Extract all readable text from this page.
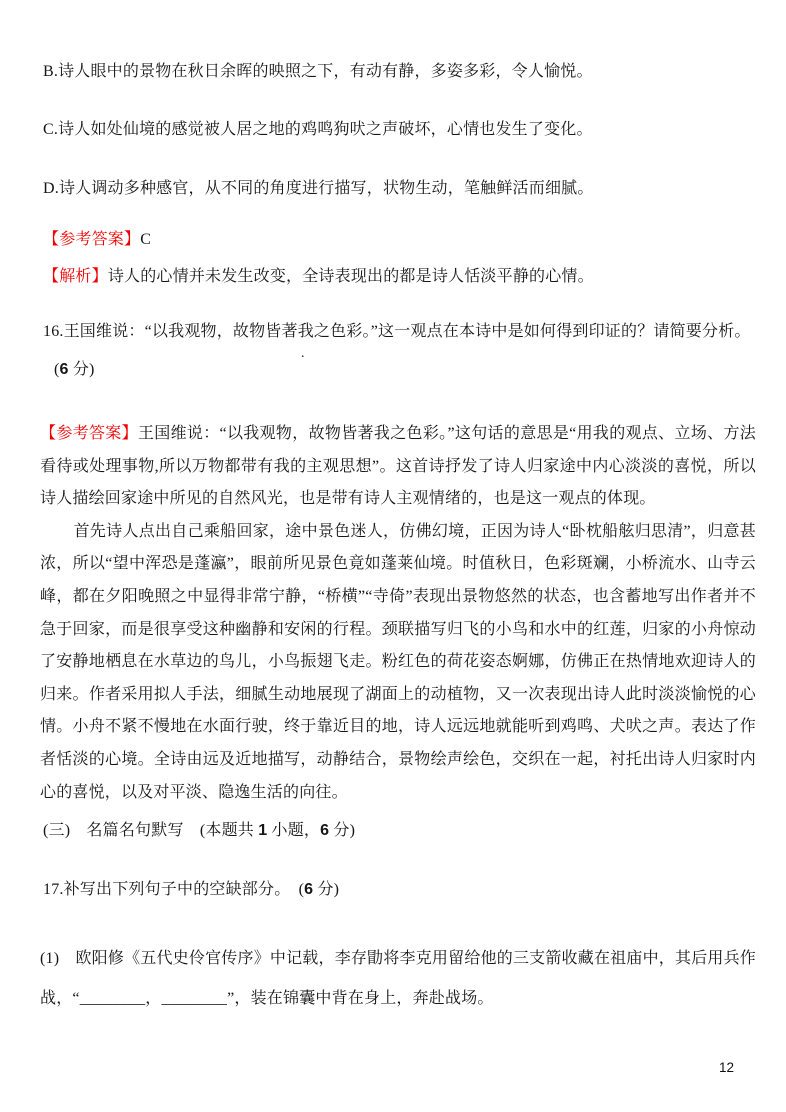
B.诗人眼中的景物在秋日余晖的映照之下，有动有静，多姿多彩，令人愉悦。
C.诗人如处仙境的感觉被人居之地的鸡鸣狗吠之声破坏，心情也发生了变化。
D.诗人调动多种感官，从不同的角度进行描写，状物生动，笔触鲜活而细腻。
【参考答案】C
【解析】诗人的心情并未发生改变，全诗表现出的都是诗人恬淡平静的心情。
16.王国维说：“以我观物，故物皆著我之色彩。”这一观点在本诗中是如何得到印证的？请简要分析。
.
(6 分)

【参考答案】王国维说：“以我观物，故物皆著我之色彩。”这句话的意思是“用我的观点、立场、方法看待或处理事物,所以万物都带有我的主观思想”。这首诗抒发了诗人归家途中内心淡淡的喜悦，所以诗人描绘回家途中所见的自然风光，也是带有诗人主观情绪的，也是这一观点的体现。

首先诗人点出自己乘船回家，途中景色迷人，仿佛幻境，正因为诗人“卧枕船舷归思清”，归意甚浓，所以“望中浑恐是蓬瀛”，眼前所见景色竟如蓬莱仙境。时值秋日，色彩斑斓，小桥流水、山寺云峰，都在夕阳晚照之中显得非常宁静，“桥横”“寺倚”表现出景物悠然的状态，也含蓄地写出作者并不急于回家，而是很享受这种幽静和安闲的行程。颈联描写归飞的小鸟和水中的红莲，归家的小舟惊动了安静地栖息在水草边的鸟儿，小鸟振翅飞走。粉红色的荷花姿态婀娜，仿佛正在热情地欢迎诗人的归来。作者采用拟人手法，细腻生动地展现了湖面上的动植物，又一次表现出诗人此时淡淡愉悦的心情。小舟不紧不慢地在水面行驶，终于靠近目的地，诗人远远地就能听到鸡鸣、犬吠之声。表达了作者恬淡的心境。全诗由远及近地描写，动静结合，景物绘声绘色，交织在一起，衬托出诗人归家时内心的喜悦，以及对平淡、隐逸生活的向往。

(三)　名篇名句默写　(本题共 1 小题，6 分)
17.补写出下列句子中的空缺部分。　(6 分)

(1)　欧阳修《五代史伶官传序》中记载，李存勖将李克用留给他的三支箭收藏在祖庙中，其后用兵作战，“________，________”，装在锦囊中背在身上，奔赴战场。

12
